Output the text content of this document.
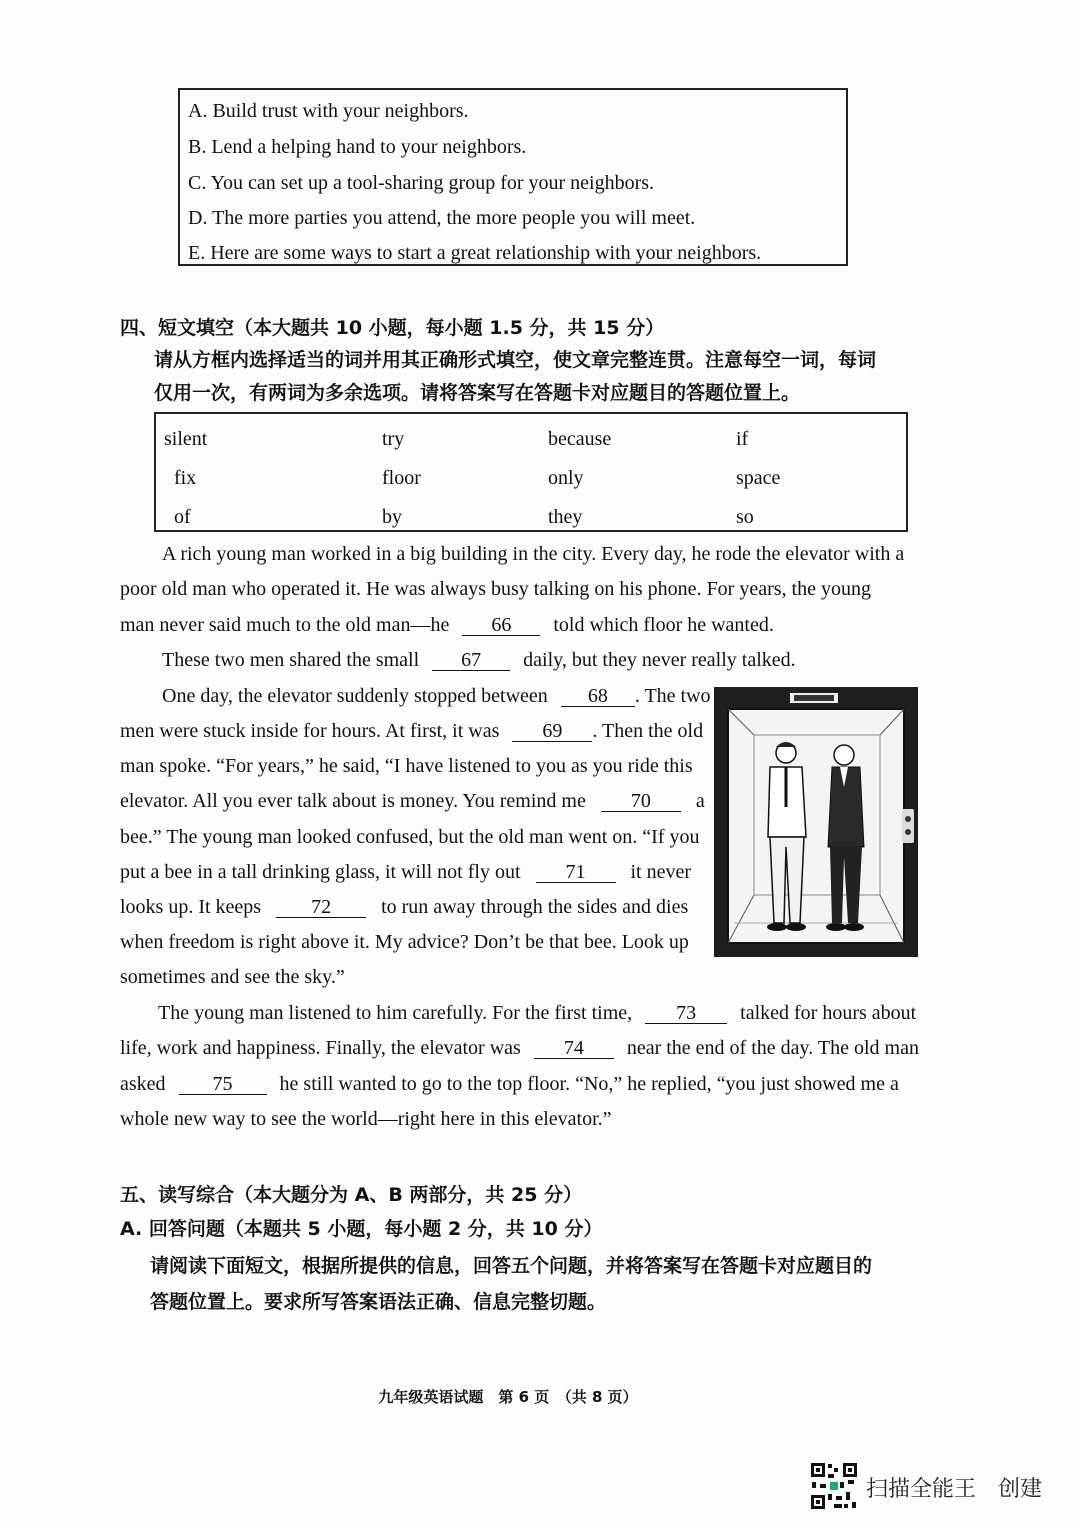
A. Build trust with your neighbors.
B. Lend a helping hand to your neighbors.
C. You can set up a tool-sharing group for your neighbors.
D. The more parties you attend, the more people you will meet.
E. Here are some ways to start a great relationship with your neighbors.
四、短文填空（本大题共 10 小题，每小题 1.5 分，共 15 分）
请从方框内选择适当的词并用其正确形式填空，使文章完整连贯。注意每空一词，每词
仅用一次，有两词为多余选项。请将答案写在答题卡对应题目的答题位置上。
silent	try	because	if
fix	floor	only	space
of	by	they	so
A rich young man worked in a big building in the city. Every day, he rode the elevator with a
poor old man who operated it. He was always busy talking on his phone. For years, the young
man never said much to the old man—he 66 told which floor he wanted.
These two men shared the small 67 daily, but they never really talked.
One day, the elevator suddenly stopped between 68 . The two
men were stuck inside for hours. At first, it was 69 . Then the old
man spoke. “For years,” he said, “I have listened to you as you ride this
elevator. All you ever talk about is money. You remind me 70 a
bee.” The young man looked confused, but the old man went on. “If you
put a bee in a tall drinking glass, it will not fly out 71 it never
looks up. It keeps	72	to run away through the sides and dies
when freedom is right above it. My advice? Don’t be that bee. Look up
sometimes and see the sky.”
The young man listened to him carefully. For the first time, 73 talked for hours about
life, work and happiness. Finally, the elevator was 74 near the end of the day. The old man
asked 75 he still wanted to go to the top floor. “No,” he replied, “you just showed me a
whole new way to see the world—right here in this elevator.”
五、读写综合（本大题分为 A、B 两部分，共 25 分）
A. 回答问题（本题共 5 小题，每小题 2 分，共 10 分）
请阅读下面短文，根据所提供的信息，回答五个问题，并将答案写在答题卡对应题目的
答题位置上。要求所写答案语法正确、信息完整切题。
九年级英语试题　第 6 页　（共 8 页）
扫描全能王　创建
